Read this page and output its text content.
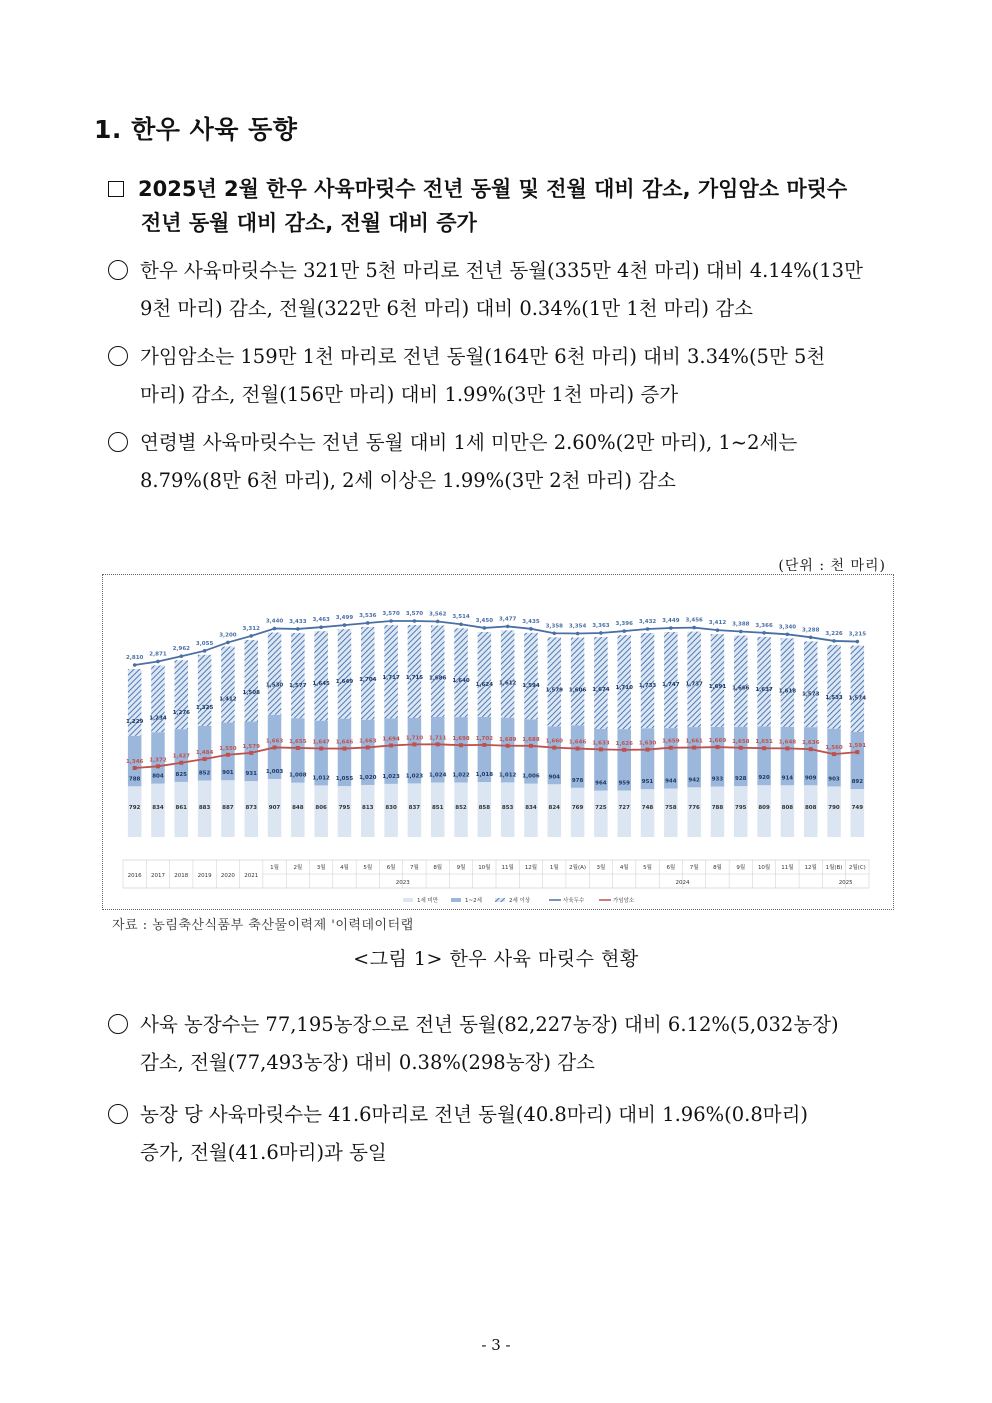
1. 한우 사육 동향
2025년 2월 한우 사육마릿수 전년 동월 및 전월 대비 감소, 가임암소 마릿수
전년 동월 대비 감소, 전월 대비 증가
한우 사육마릿수는 321만 5천 마리로 전년 동월(335만 4천 마리) 대비 4.14%(13만
9천 마리) 감소, 전월(322만 6천 마리) 대비 0.34%(1만 1천 마리) 감소
가임암소는 159만 1천 마리로 전년 동월(164만 6천 마리) 대비 3.34%(5만 5천
마리) 감소, 전월(156만 마리) 대비 1.99%(3만 1천 마리) 증가
연령별 사육마릿수는 전년 동월 대비 1세 미만은 2.60%(2만 마리), 1~2세는
8.79%(8만 6천 마리), 2세 이상은 1.99%(3만 2천 마리) 감소
(단위 : 천 마리)
792
788
1,229
2,810
1,346
834
804
1,234
2,871
1,372
861
825
1,276
2,962
1,427
883
852
1,325
3,055
1,484
887
901
1,412
3,200
1,550
873
931
1,508
3,312
1,579
907
1,003
1,530
3,440
1,663
848
1,008
1,577
3,433
1,655
806
1,012
1,645
3,463
1,647
795
1,055
1,649
3,499
1,646
813
1,020
1,704
3,536
1,663
830
1,023
1,717
3,570
1,694
837
1,023
1,715
3,570
1,710
851
1,024
1,686
3,562
1,711
852
1,022
1,640
3,514
1,698
858
1,018
1,624
3,450
1,702
853
1,012
1,612
3,477
1,689
834
1,006
1,594
3,435
1,688
824
904
1,579
3,358
1,660
769
978
1,606
3,354
1,646
725
964
1,674
3,363
1,633
727
959
1,710
3,396
1,626
748
951
1,733
3,432
1,630
758
944
1,747
3,449
1,659
776
942
1,737
3,456
1,661
788
933
1,691
3,412
1,669
795
928
1,666
3,388
1,658
809
920
1,637
3,366
1,651
808
914
1,618
3,340
1,648
808
909
1,573
3,288
1,636
790
903
1,533
3,226
1,560
749
892
1,574
3,215
1,591
2016 2017 2018 2019 2020 2021
1월	2월	3월	4월	5월	6월	7월	8월	9월 10월 11월 12월 1월 2월(A) 3월	4월	5월	6월	7월	8월	9월 10월 11월 12월 1월(B) 2월(C)
2023	2024	2025
1세 미만	1~2세	2세 이상	사육두수	가임암소
자료 : 농림축산식품부 축산물이력제 '이력데이터랩
<그림 1> 한우 사육 마릿수 현황
사육 농장수는 77,195농장으로 전년 동월(82,227농장) 대비 6.12%(5,032농장)
감소, 전월(77,493농장) 대비 0.38%(298농장) 감소
농장 당 사육마릿수는 41.6마리로 전년 동월(40.8마리) 대비 1.96%(0.8마리)
증가, 전월(41.6마리)과 동일
- 3 -
